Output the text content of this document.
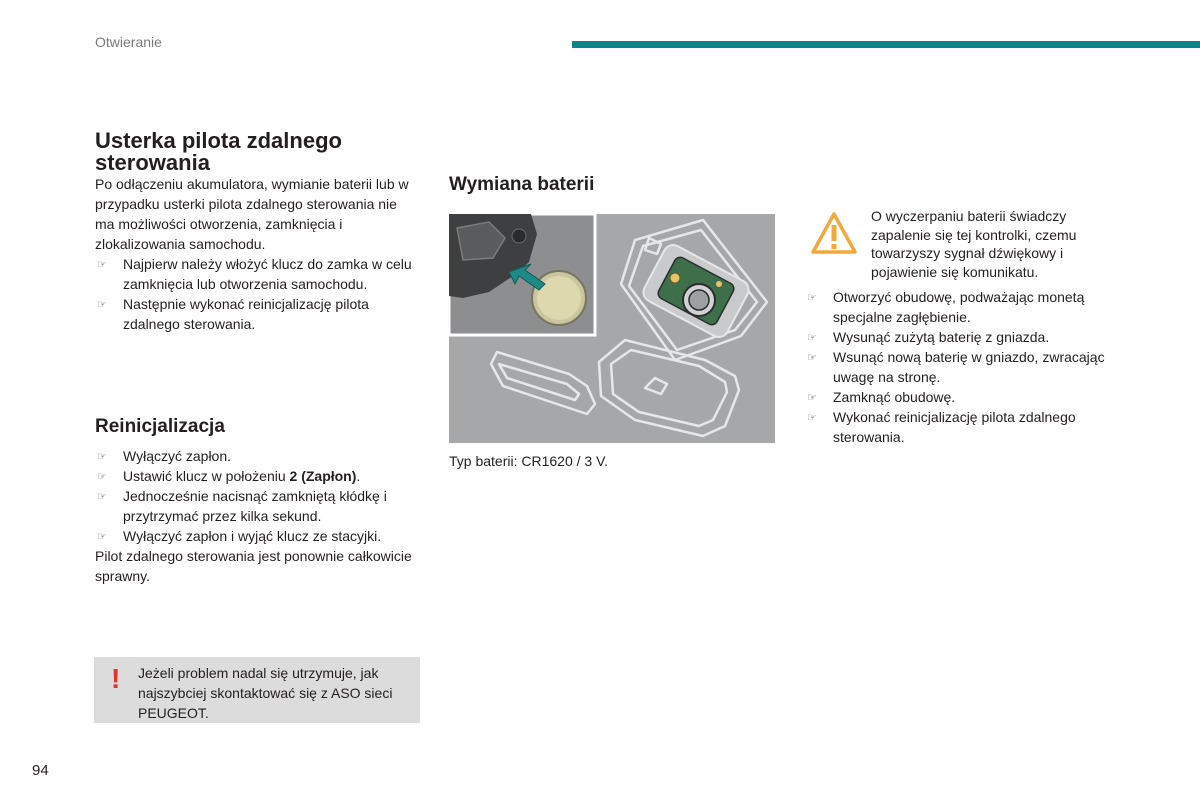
Otwieranie
Usterka pilota zdalnego
sterowania

Po odłączeniu akumulatora, wymianie baterii lub w przypadku usterki pilota zdalnego sterowania nie ma możliwości otworzenia, zamknięcia i zlokalizowania samochodu.

☞ Najpierw należy włożyć klucz do zamka w celu zamknięcia lub otworzenia samochodu.
☞ Następnie wykonać reinicjalizację pilota zdalnego sterowania.
Reinicjalizacja
☞ Wyłączyć zapłon.
☞ Ustawić klucz w położeniu 2 (Zapłon).
☞ Jednocześnie nacisnąć zamkniętą kłódkę i przytrzymać przez kilka sekund.
☞ Wyłączyć zapłon i wyjąć klucz ze stacyjki.

Pilot zdalnego sterowania jest ponownie całkowicie sprawny.

! Jeżeli problem nadal się utrzymuje, jak najszybciej skontaktować się z ASO sieci PEUGEOT.
Wymiana baterii
Typ baterii: CR1620 / 3 V.
O wyczerpaniu baterii świadczy zapalenie się tej kontrolki, czemu towarzyszy sygnał dźwiękowy i pojawienie się komunikatu.
☞ Otworzyć obudowę, podważając monetą specjalne zagłębienie.
☞ Wysunąć zużytą baterię z gniazda.
☞ Wsunąć nową baterię w gniazdo, zwracając uwagę na stronę.
☞ Zamknąć obudowę.
☞ Wykonać reinicjalizację pilota zdalnego sterowania.
94
